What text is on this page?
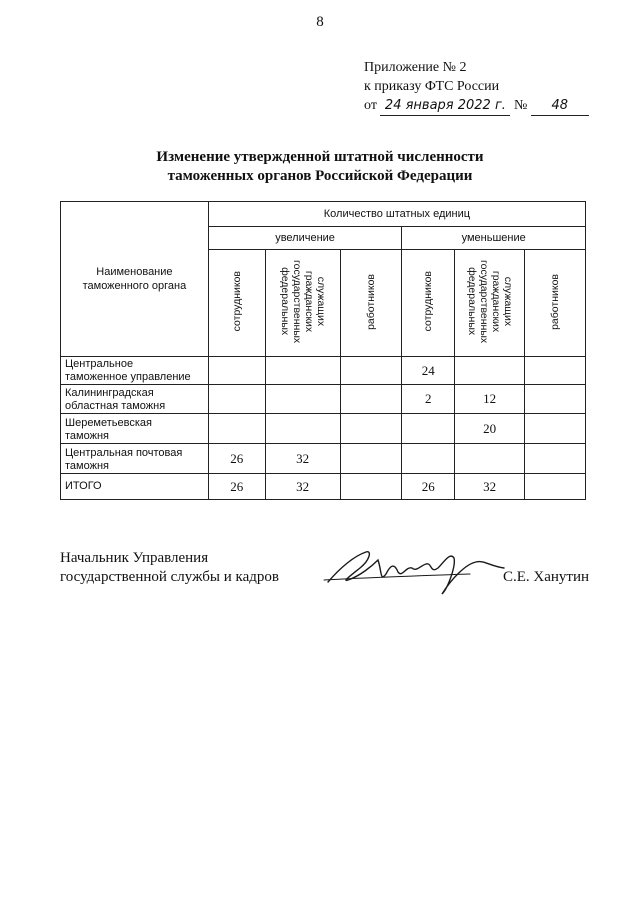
8
Приложение № 2
к приказу ФТС России
от 24 января 2022 г. № 48
Изменение утвержденной штатной численности
таможенных органов Российской Федерации
Наименование
таможенного органа	Количество штатных единиц					
	увеличение			уменьшение		
	сотрудников	федеральных
государственных
гражданских
служащих	работников	сотрудников	федеральных
государственных
гражданских
служащих	работников

Центральное
таможенное управление				24		

Калининградская
областная таможня				2	12	

Шереметьевская
таможня					20	

Центральная почтовая
таможня	26	32				
ИТОГО	26	32		26	32	
Начальник Управления
государственной службы и кадров	С.Е. Ханутин
